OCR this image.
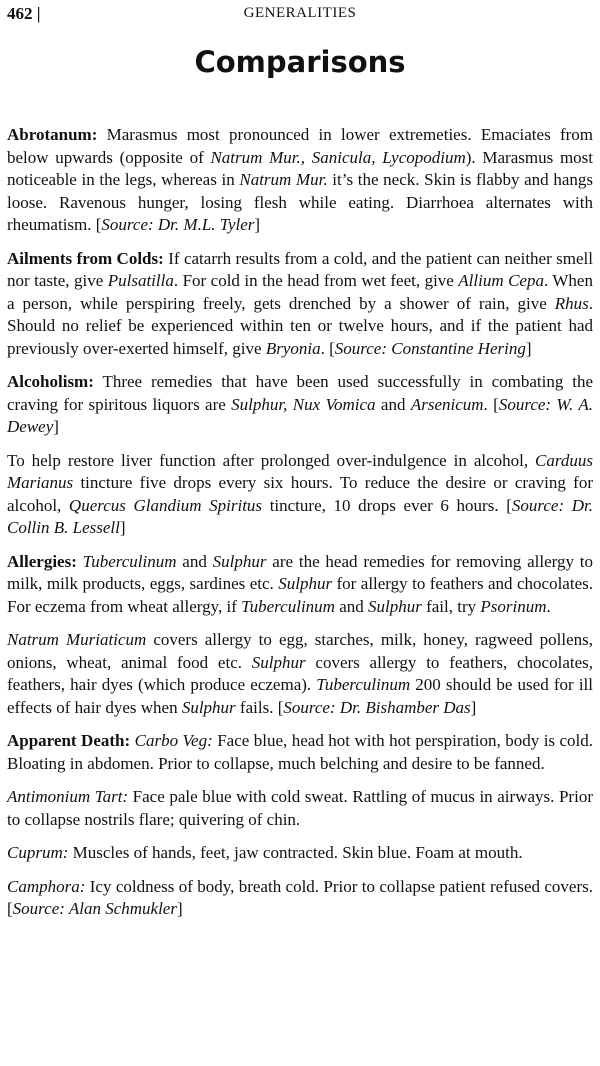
462 |	GENERALITIES
Comparisons

Abrotanum: Marasmus most pronounced in lower extremeties. Emaciates from below upwards (opposite of Natrum Mur., Sanicula, Lycopodium). Marasmus most noticeable in the legs, whereas in Natrum Mur. it’s the neck. Skin is flabby and hangs loose. Ravenous hunger, losing flesh while eating. Diarrhoea alternates with rheumatism. [Source: Dr. M.L. Tyler]

Ailments from Colds: If catarrh results from a cold, and the patient can neither smell nor taste, give Pulsatilla. For cold in the head from wet feet, give Allium Cepa. When a person, while perspiring freely, gets drenched by a shower of rain, give Rhus. Should no relief be experienced within ten or twelve hours, and if the patient had previously over-exerted himself, give Bryonia. [Source: Constantine Hering]

Alcoholism: Three remedies that have been used successfully in combating the craving for spiritous liquors are Sulphur, Nux Vomica and Arsenicum. [Source: W. A. Dewey]

To help restore liver function after prolonged over-indulgence in alcohol, Carduus Marianus tincture five drops every six hours. To reduce the desire or craving for alcohol, Quercus Glandium Spiritus tincture, 10 drops ever 6 hours. [Source: Dr. Collin B. Lessell]

Allergies: Tuberculinum and Sulphur are the head remedies for removing allergy to milk, milk products, eggs, sardines etc. Sulphur for allergy to feathers and chocolates. For eczema from wheat allergy, if Tuberculinum and Sulphur fail, try Psorinum.

Natrum Muriaticum covers allergy to egg, starches, milk, honey, ragweed pollens, onions, wheat, animal food etc. Sulphur covers allergy to feathers, chocolates, feathers, hair dyes (which produce eczema). Tuberculinum 200 should be used for ill effects of hair dyes when Sulphur fails. [Source: Dr. Bishamber Das]

Apparent Death: Carbo Veg: Face blue, head hot with hot perspiration, body is cold. Bloating in abdomen. Prior to collapse, much belching and desire to be fanned.

Antimonium Tart: Face pale blue with cold sweat. Rattling of mucus in airways. Prior to collapse nostrils flare; quivering of chin.

Cuprum: Muscles of hands, feet, jaw contracted. Skin blue. Foam at mouth.

Camphora: Icy coldness of body, breath cold. Prior to collapse patient refused covers. [Source: Alan Schmukler]
